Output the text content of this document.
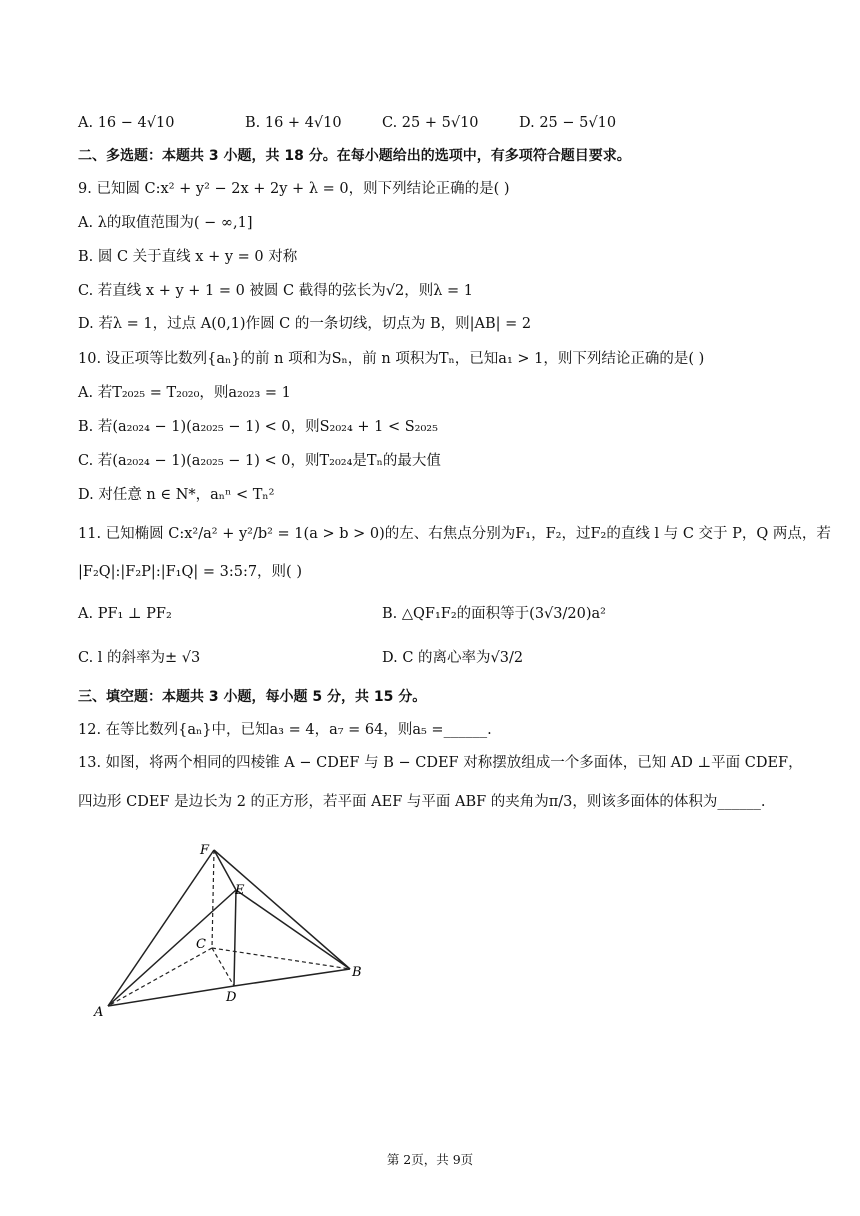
A. 16 − 4√10	B. 16 + 4√10	C. 25 + 5√10	D. 25 − 5√10
二、多选题：本题共 3 小题，共 18 分。在每小题给出的选项中，有多项符合题目要求。
9. 已知圆 C:x² + y² − 2x + 2y + λ = 0，则下列结论正确的是( )
A. λ的取值范围为( − ∞,1]
B. 圆 C 关于直线 x + y = 0 对称
C. 若直线 x + y + 1 = 0 被圆 C 截得的弦长为√2，则λ = 1
D. 若λ = 1，过点 A(0,1)作圆 C 的一条切线，切点为 B，则|AB| = 2
10. 设正项等比数列{aₙ}的前 n 项和为Sₙ，前 n 项积为Tₙ，已知a₁ > 1，则下列结论正确的是( )
A. 若T₂₀₂₅ = T₂₀₂₀，则a₂₀₂₃ = 1
B. 若(a₂₀₂₄ − 1)(a₂₀₂₅ − 1) < 0，则S₂₀₂₄ + 1 < S₂₀₂₅
C. 若(a₂₀₂₄ − 1)(a₂₀₂₅ − 1) < 0，则T₂₀₂₄是Tₙ的最大值
D. 对任意 n ∈ N*，aₙⁿ < Tₙ²
11. 已知椭圆 C:x²/a² + y²/b² = 1(a > b > 0)的左、右焦点分别为F₁，F₂，过F₂的直线 l 与 C 交于 P，Q 两点，若
|F₂Q|:|F₂P|:|F₁Q| = 3:5:7，则( )
A. PF₁ ⊥ PF₂	B. △QF₁F₂的面积等于(3√3/20)a²
C. l 的斜率为± √3	D. C 的离心率为√3/2
三、填空题：本题共 3 小题，每小题 5 分，共 15 分。
12. 在等比数列{aₙ}中，已知a₃ = 4，a₇ = 64，则a₅ =______.
13. 如图，将两个相同的四棱锥 A − CDEF 与 B − CDEF 对称摆放组成一个多面体，已知 AD ⊥平面 CDEF，
四边形 CDEF 是边长为 2 的正方形，若平面 AEF 与平面 ABF 的夹角为π/3，则该多面体的体积为______.
F
E
C
B
A
D
第 2页，共 9页
